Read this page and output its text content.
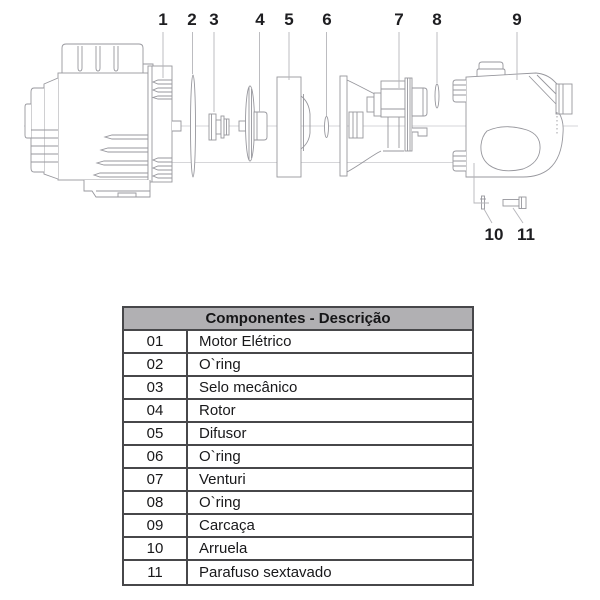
1 2 3 4 5 6	7 8	9
10 11
Componentes - Descrição
01	Motor Elétrico
02	O`ring
03	Selo mecânico
04	Rotor
05	Difusor
06	O`ring
07	Venturi
08	O`ring
09	Carcaça
10	Arruela
11	Parafuso sextavado
